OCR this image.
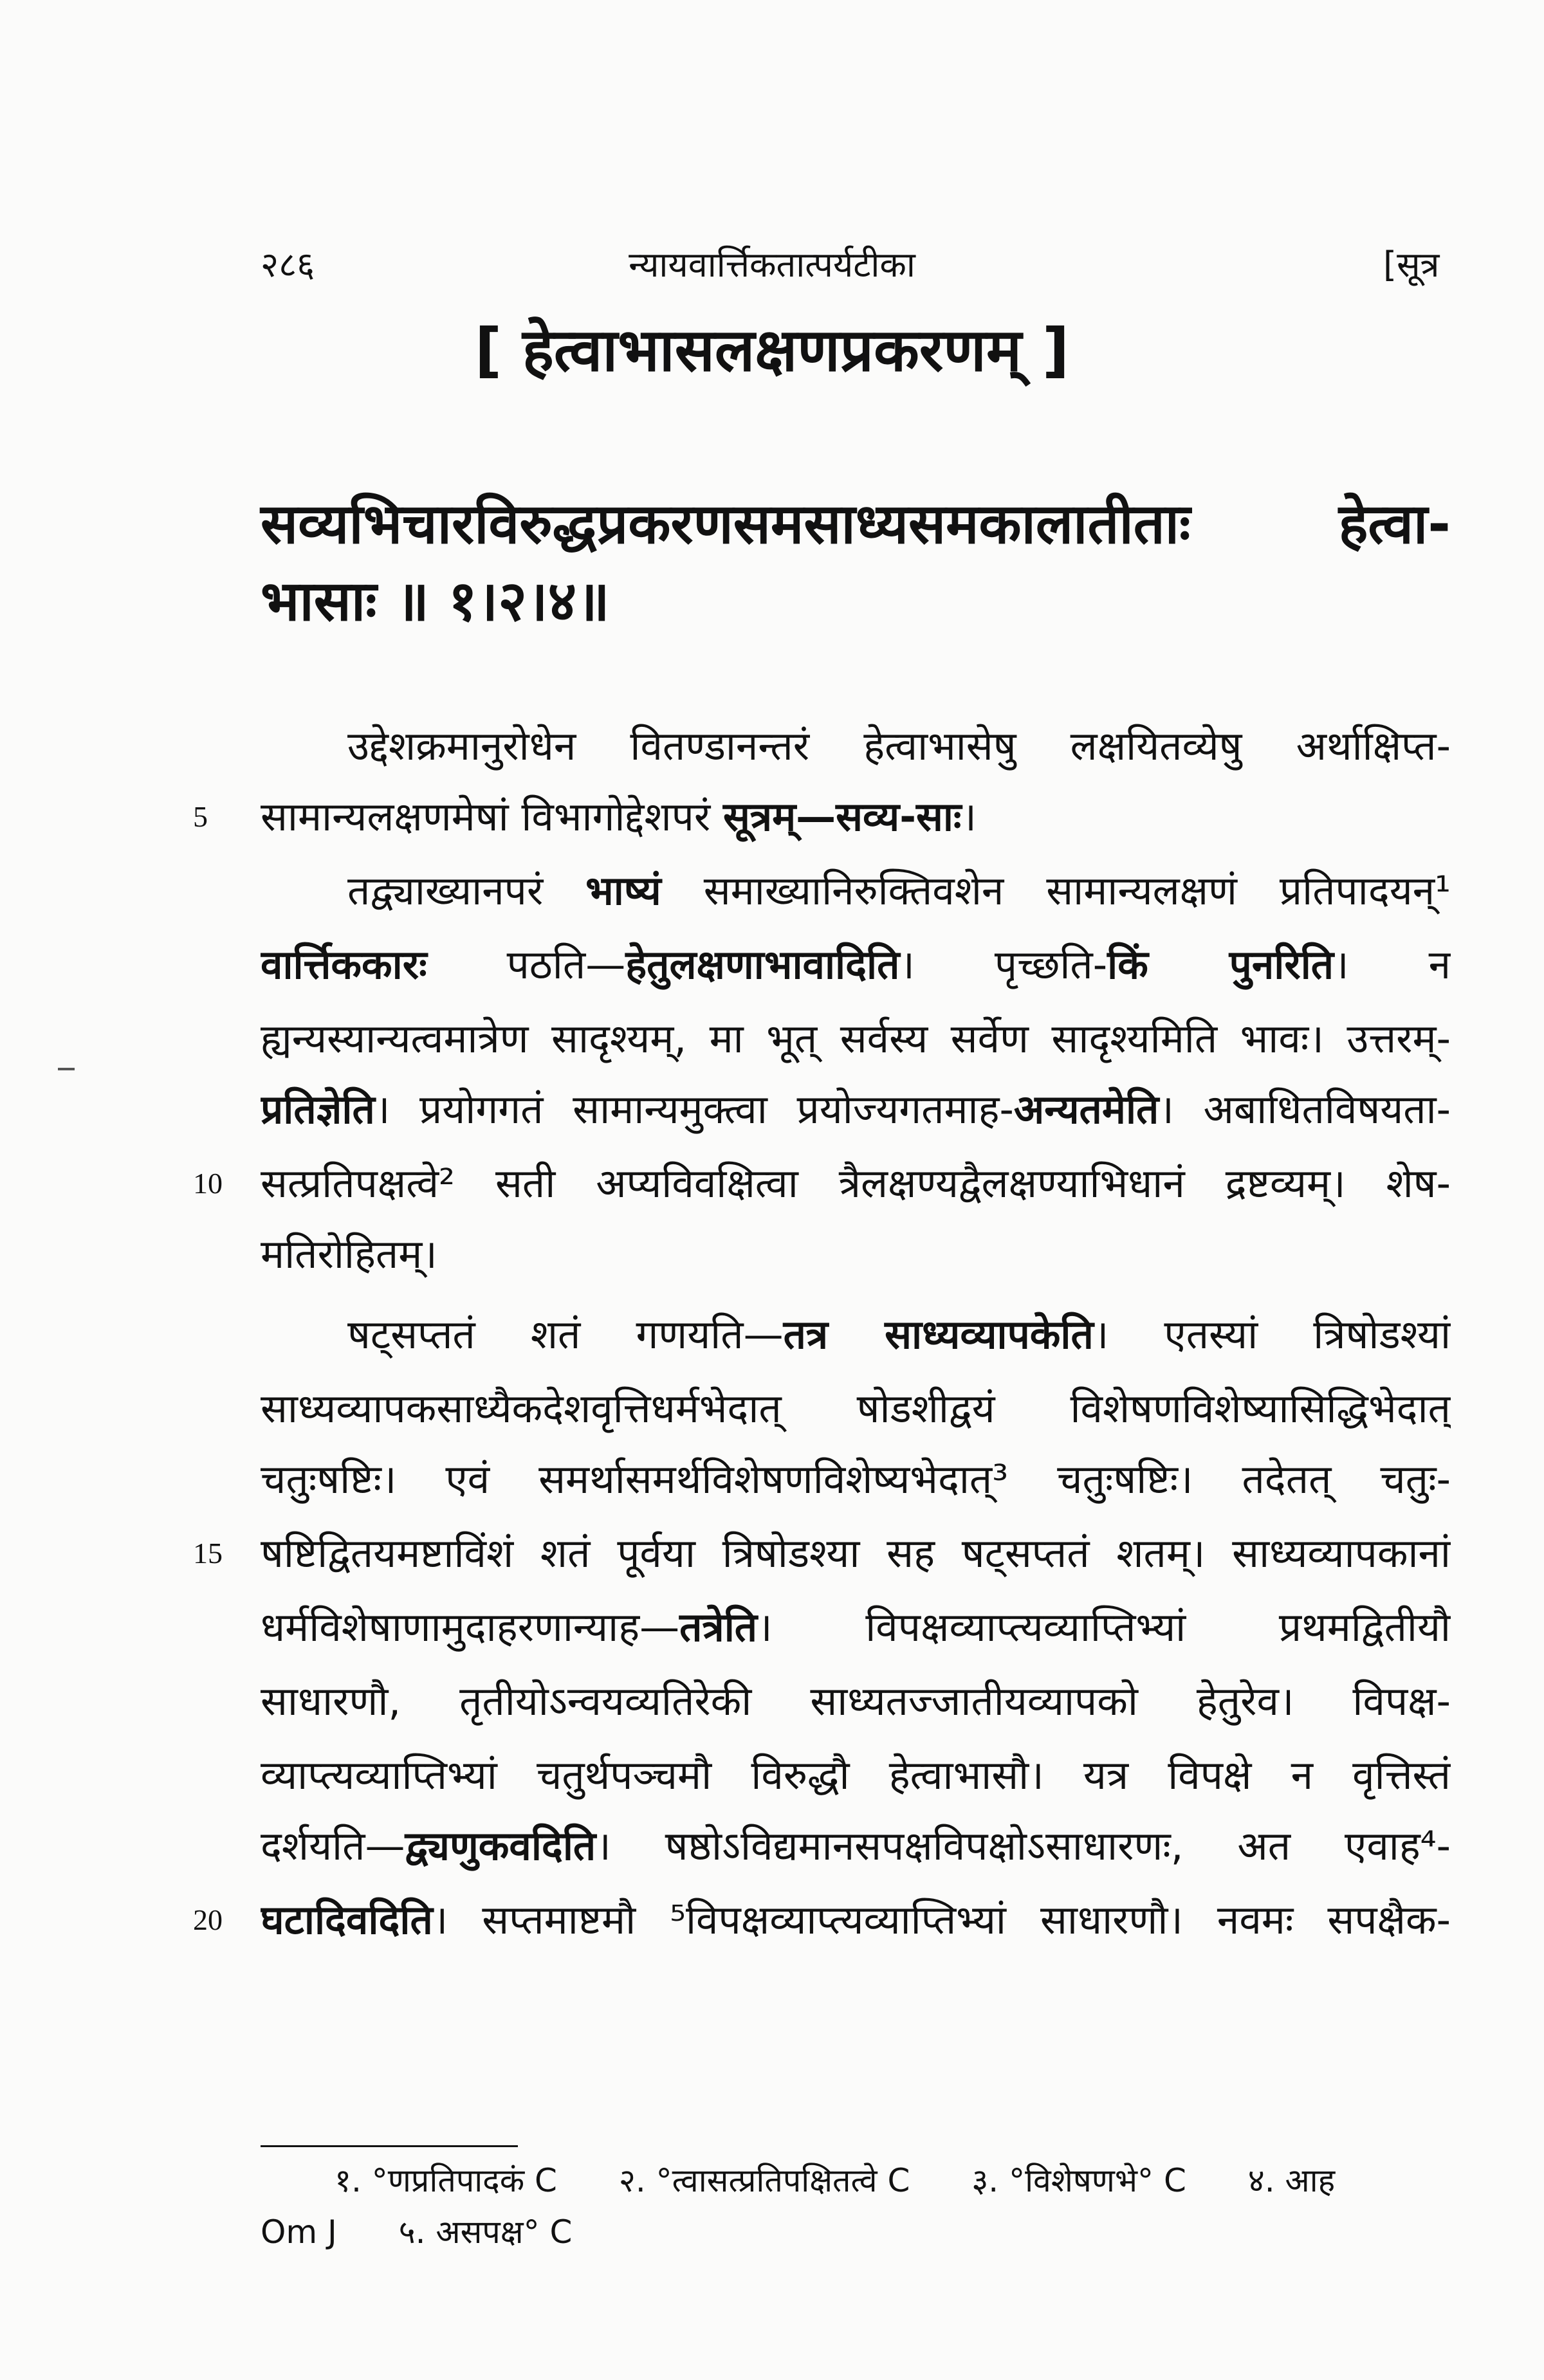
२८६	न्यायवार्त्तिकतात्पर्यटीका	[सूत्र
[ हेत्वाभासलक्षणप्रकरणम् ]
सव्यभिचारविरुद्धप्रकरणसमसाध्यसमकालातीताः हेत्वा-
भासाः ॥ १।२।४॥
उद्देशक्रमानुरोधेन वितण्डानन्तरं हेत्वाभासेषु लक्षयितव्येषु अर्थाक्षिप्त-
5	सामान्यलक्षणमेषां विभागोद्देशपरं सूत्रम्—सव्य-साः।
तद्व्याख्यानपरं भाष्यं समाख्यानिरुक्तिवशेन सामान्यलक्षणं प्रतिपादयन्¹
वार्त्तिककारः पठति—हेतुलक्षणाभावादिति। पृच्छति-किं पुनरिति। न
ह्यन्यस्यान्यत्वमात्रेण सादृश्यम्, मा भूत् सर्वस्य सर्वेण सादृश्यमिति भावः। उत्तरम्-
प्रतिज्ञेति। प्रयोगगतं सामान्यमुक्त्वा प्रयोज्यगतमाह-अन्यतमेति। अबाधितविषयता-
10 सत्प्रतिपक्षत्वे² सती अप्यविवक्षित्वा त्रैलक्षण्यद्वैलक्षण्याभिधानं द्रष्टव्यम्। शेष-
मतिरोहितम्।
षट्सप्ततं शतं गणयति—तत्र साध्यव्यापकेति। एतस्यां त्रिषोडश्यां
साध्यव्यापकसाध्यैकदेशवृत्तिधर्मभेदात् षोडशीद्वयं विशेषणविशेष्यासिद्धिभेदात्
चतुःषष्टिः। एवं समर्थासमर्थविशेषणविशेष्यभेदात्³ चतुःषष्टिः। तदेतत् चतुः-
15 षष्टिद्वितयमष्टाविंशं शतं पूर्वया त्रिषोडश्या सह षट्सप्ततं शतम्। साध्यव्यापकानां
धर्मविशेषाणामुदाहरणान्याह—तत्रेति। विपक्षव्याप्त्यव्याप्तिभ्यां प्रथमद्वितीयौ
साधारणौ, तृतीयोऽन्वयव्यतिरेकी साध्यतज्जातीयव्यापको हेतुरेव। विपक्ष-
व्याप्त्यव्याप्तिभ्यां चतुर्थपञ्चमौ विरुद्धौ हेत्वाभासौ। यत्र विपक्षे न वृत्तिस्तं
दर्शयति—द्व्यणुकवदिति। षष्ठोऽविद्यमानसपक्षविपक्षोऽसाधारणः, अत एवाह⁴-
20 घटादिवदिति। सप्तमाष्टमौ ⁵विपक्षव्याप्त्यव्याप्तिभ्यां साधारणौ। नवमः सपक्षैक-
१. °णप्रतिपादकं C २. °त्वासत्प्रतिपक्षितत्वे C ३. °विशेषणभे° C ४. आह
Om J ५. असपक्ष° C
